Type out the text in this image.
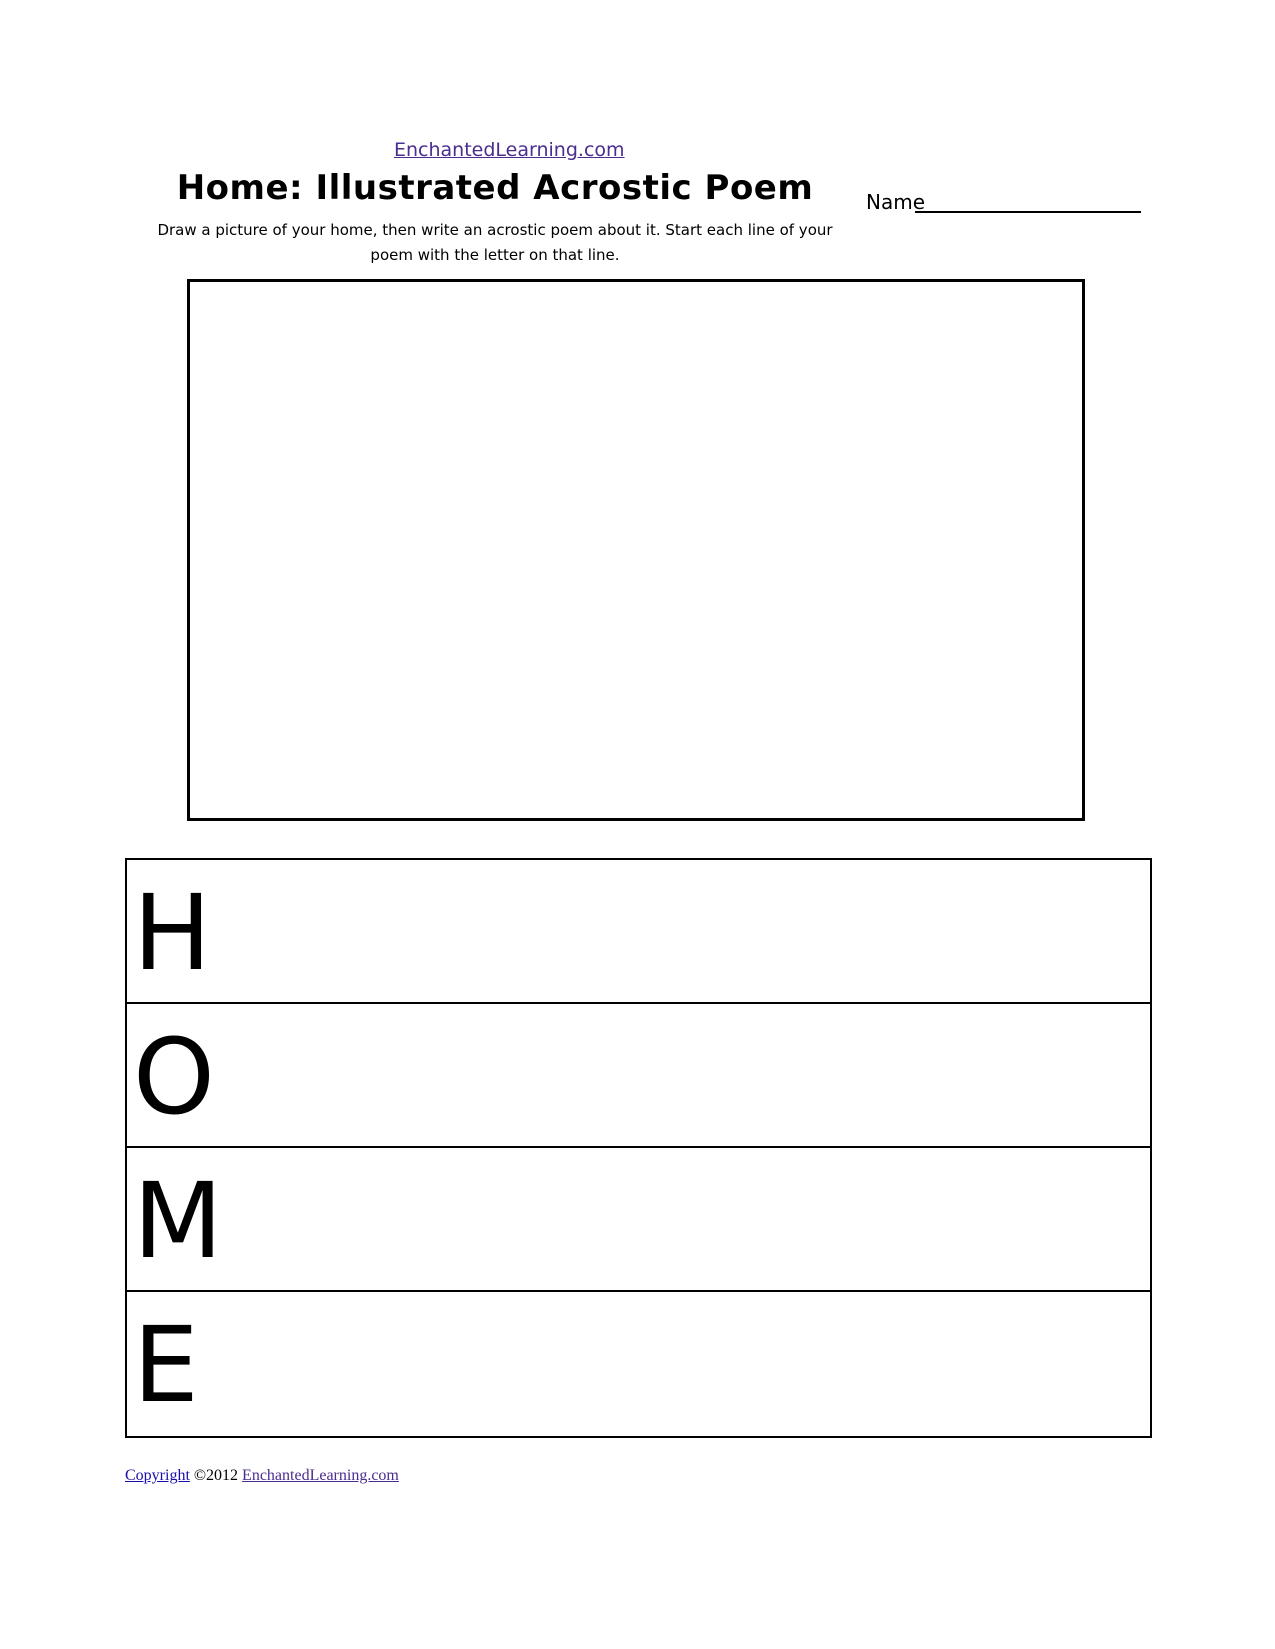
EnchantedLearning.com
Home: Illustrated Acrostic Poem	Name
Draw a picture of your home, then write an acrostic poem about it. Start each line of your poem with the letter on that line.
H
O
M
E
Copyright ©2012 EnchantedLearning.com
